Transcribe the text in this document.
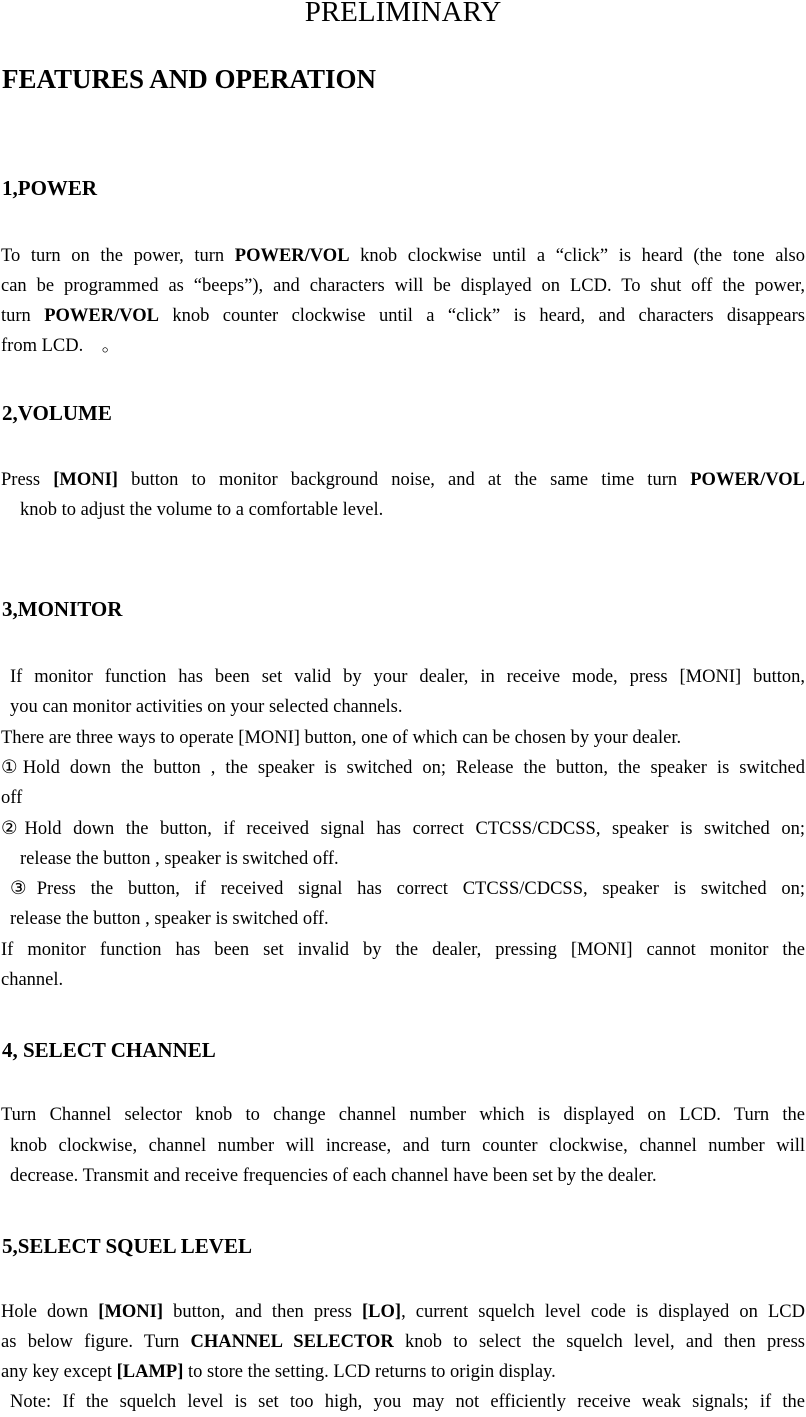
PRELIMINARY
FEATURES AND OPERATION
1,POWER
To turn on the power, turn POWER/VOL knob clockwise until a “click” is heard (the tone also
can be programmed as “beeps”), and characters will be displayed on LCD. To shut off the power,
turn POWER/VOL knob counter clockwise until a “click” is heard, and characters disappears
from LCD.    。
2,VOLUME
Press [MONI] button to monitor background noise, and at the same time turn POWER/VOL
knob to adjust the volume to a comfortable level.
3,MONITOR
If monitor function has been set valid by your dealer, in receive mode, press [MONI] button,
you can monitor activities on your selected channels.
There are three ways to operate [MONI] button, one of which can be chosen by your dealer.
①Hold down the button , the speaker is switched on; Release the button, the speaker is switched
off
②Hold down the button, if received signal has correct CTCSS/CDCSS, speaker is switched on;
release the button , speaker is switched off.
③Press the button, if received signal has correct CTCSS/CDCSS, speaker is switched on;
release the button , speaker is switched off.
If monitor function has been set invalid by the dealer, pressing [MONI] cannot monitor the
channel.
4, SELECT CHANNEL
Turn Channel selector knob to change channel number which is displayed on LCD. Turn the
knob clockwise, channel number will increase, and turn counter clockwise, channel number will
decrease. Transmit and receive frequencies of each channel have been set by the dealer.
5,SELECT SQUEL LEVEL
Hole down [MONI] button, and then press [LO], current squelch level code is displayed on LCD
as below figure. Turn CHANNEL SELECTOR knob to select the squelch level, and then press
any key except [LAMP] to store the setting. LCD returns to origin display.
Note: If the squelch level is set too high, you may not efficiently receive weak signals; if the
